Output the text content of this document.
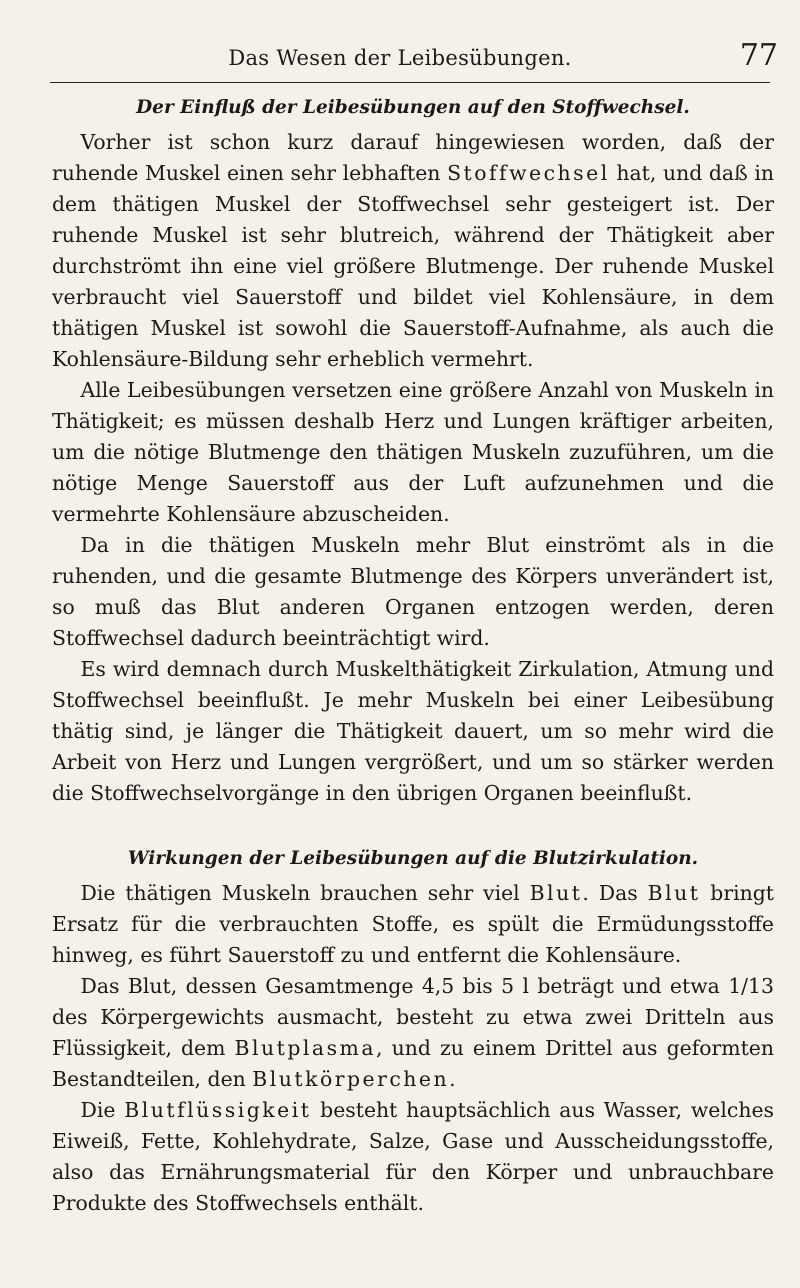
Das Wesen der Leibesübungen.	77
Der Einfluß der Leibesübungen auf den Stoffwechsel.

Vorher ist schon kurz darauf hingewiesen worden, daß der ruhende Muskel einen sehr lebhaften Stoffwechsel hat, und daß in dem thätigen Muskel der Stoffwechsel sehr gesteigert ist. Der ruhende Muskel ist sehr blutreich, während der Thätigkeit aber durchströmt ihn eine viel größere Blutmenge. Der ruhende Muskel verbraucht viel Sauerstoff und bildet viel Kohlensäure, in dem thätigen Muskel ist sowohl die Sauerstoff-Aufnahme, als auch die Kohlensäure-Bildung sehr erheblich vermehrt.

Alle Leibesübungen versetzen eine größere Anzahl von Muskeln in Thätigkeit; es müssen deshalb Herz und Lungen kräftiger arbeiten, um die nötige Blutmenge den thätigen Muskeln zuzuführen, um die nötige Menge Sauerstoff aus der Luft aufzunehmen und die vermehrte Kohlensäure abzuscheiden.

Da in die thätigen Muskeln mehr Blut einströmt als in die ruhenden, und die gesamte Blutmenge des Körpers unverändert ist, so muß das Blut anderen Organen entzogen werden, deren Stoffwechsel dadurch beeinträchtigt wird.

Es wird demnach durch Muskelthätigkeit Zirkulation, Atmung und Stoffwechsel beeinflußt. Je mehr Muskeln bei einer Leibesübung thätig sind, je länger die Thätigkeit dauert, um so mehr wird die Arbeit von Herz und Lungen vergrößert, und um so stärker werden die Stoffwechselvorgänge in den übrigen Organen beeinflußt.

Wirkungen der Leibesübungen auf die Blutzirkulation.

Die thätigen Muskeln brauchen sehr viel Blut. Das Blut bringt Ersatz für die verbrauchten Stoffe, es spült die Ermüdungsstoffe hinweg, es führt Sauerstoff zu und entfernt die Kohlensäure.

Das Blut, dessen Gesamtmenge 4,5 bis 5 l beträgt und etwa 1/13 des Körpergewichts ausmacht, besteht zu etwa zwei Dritteln aus Flüssigkeit, dem Blutplasma, und zu einem Drittel aus geformten Bestandteilen, den Blutkörperchen.

Die Blutflüssigkeit besteht hauptsächlich aus Wasser, welches Eiweiß, Fette, Kohlehydrate, Salze, Gase und Ausscheidungsstoffe, also das Ernährungsmaterial für den Körper und unbrauchbare Produkte des Stoffwechsels enthält.
